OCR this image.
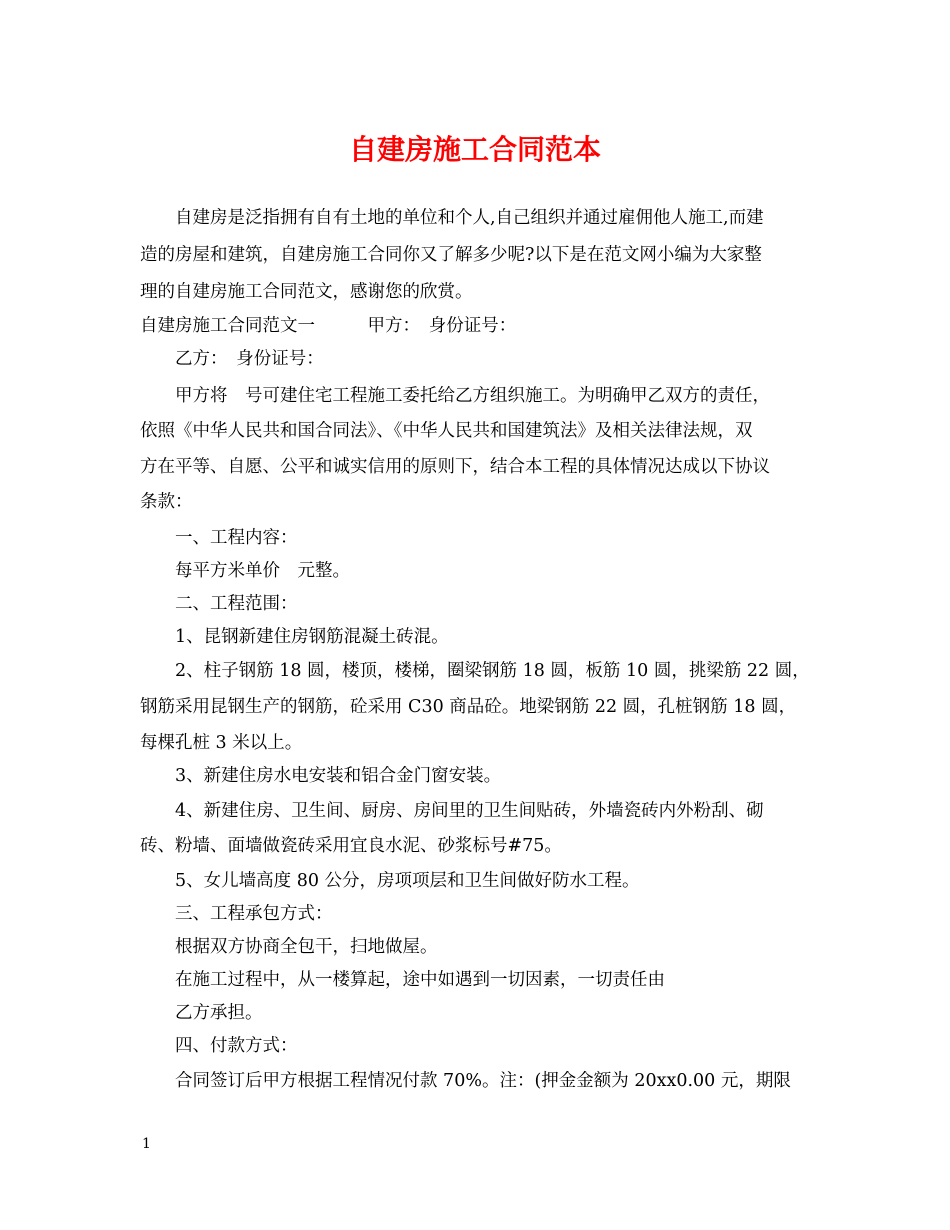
自建房施工合同范本
自建房是泛指拥有自有土地的单位和个人,自己组织并通过雇佣他人施工,而建
造的房屋和建筑，自建房施工合同你又了解多少呢?以下是在范文网小编为大家整
理的自建房施工合同范文，感谢您的欣赏。
自建房施工合同范文一　　　甲方：　身份证号：
乙方：　身份证号：
甲方将　号可建住宅工程施工委托给乙方组织施工。为明确甲乙双方的责任，
依照《中华人民共和国合同法》、《中华人民共和国建筑法》及相关法律法规，双
方在平等、自愿、公平和诚实信用的原则下，结合本工程的具体情况达成以下协议
条款：
一、工程内容：
每平方米单价　元整。
二、工程范围：
1、昆钢新建住房钢筋混凝土砖混。
2、柱子钢筋 18 圆，楼顶，楼梯，圈梁钢筋 18 圆，板筋 10 圆，挑梁筋 22 圆，
钢筋采用昆钢生产的钢筋，砼采用 C30 商品砼。地梁钢筋 22 圆，孔桩钢筋 18 圆，
每棵孔桩 3 米以上。
3、新建住房水电安装和铝合金门窗安装。
4、新建住房、卫生间、厨房、房间里的卫生间贴砖，外墙瓷砖内外粉刮、砌
砖、粉墙、面墙做瓷砖采用宜良水泥、砂浆标号#75。
5、女儿墙高度 80 公分，房项项层和卫生间做好防水工程。
三、工程承包方式：
根据双方协商全包干，扫地做屋。
在施工过程中，从一楼算起，途中如遇到一切因素，一切责任由
乙方承担。
四、付款方式：
合同签订后甲方根据工程情况付款 70%。注：(押金金额为 20xx0.00 元，期限
1
